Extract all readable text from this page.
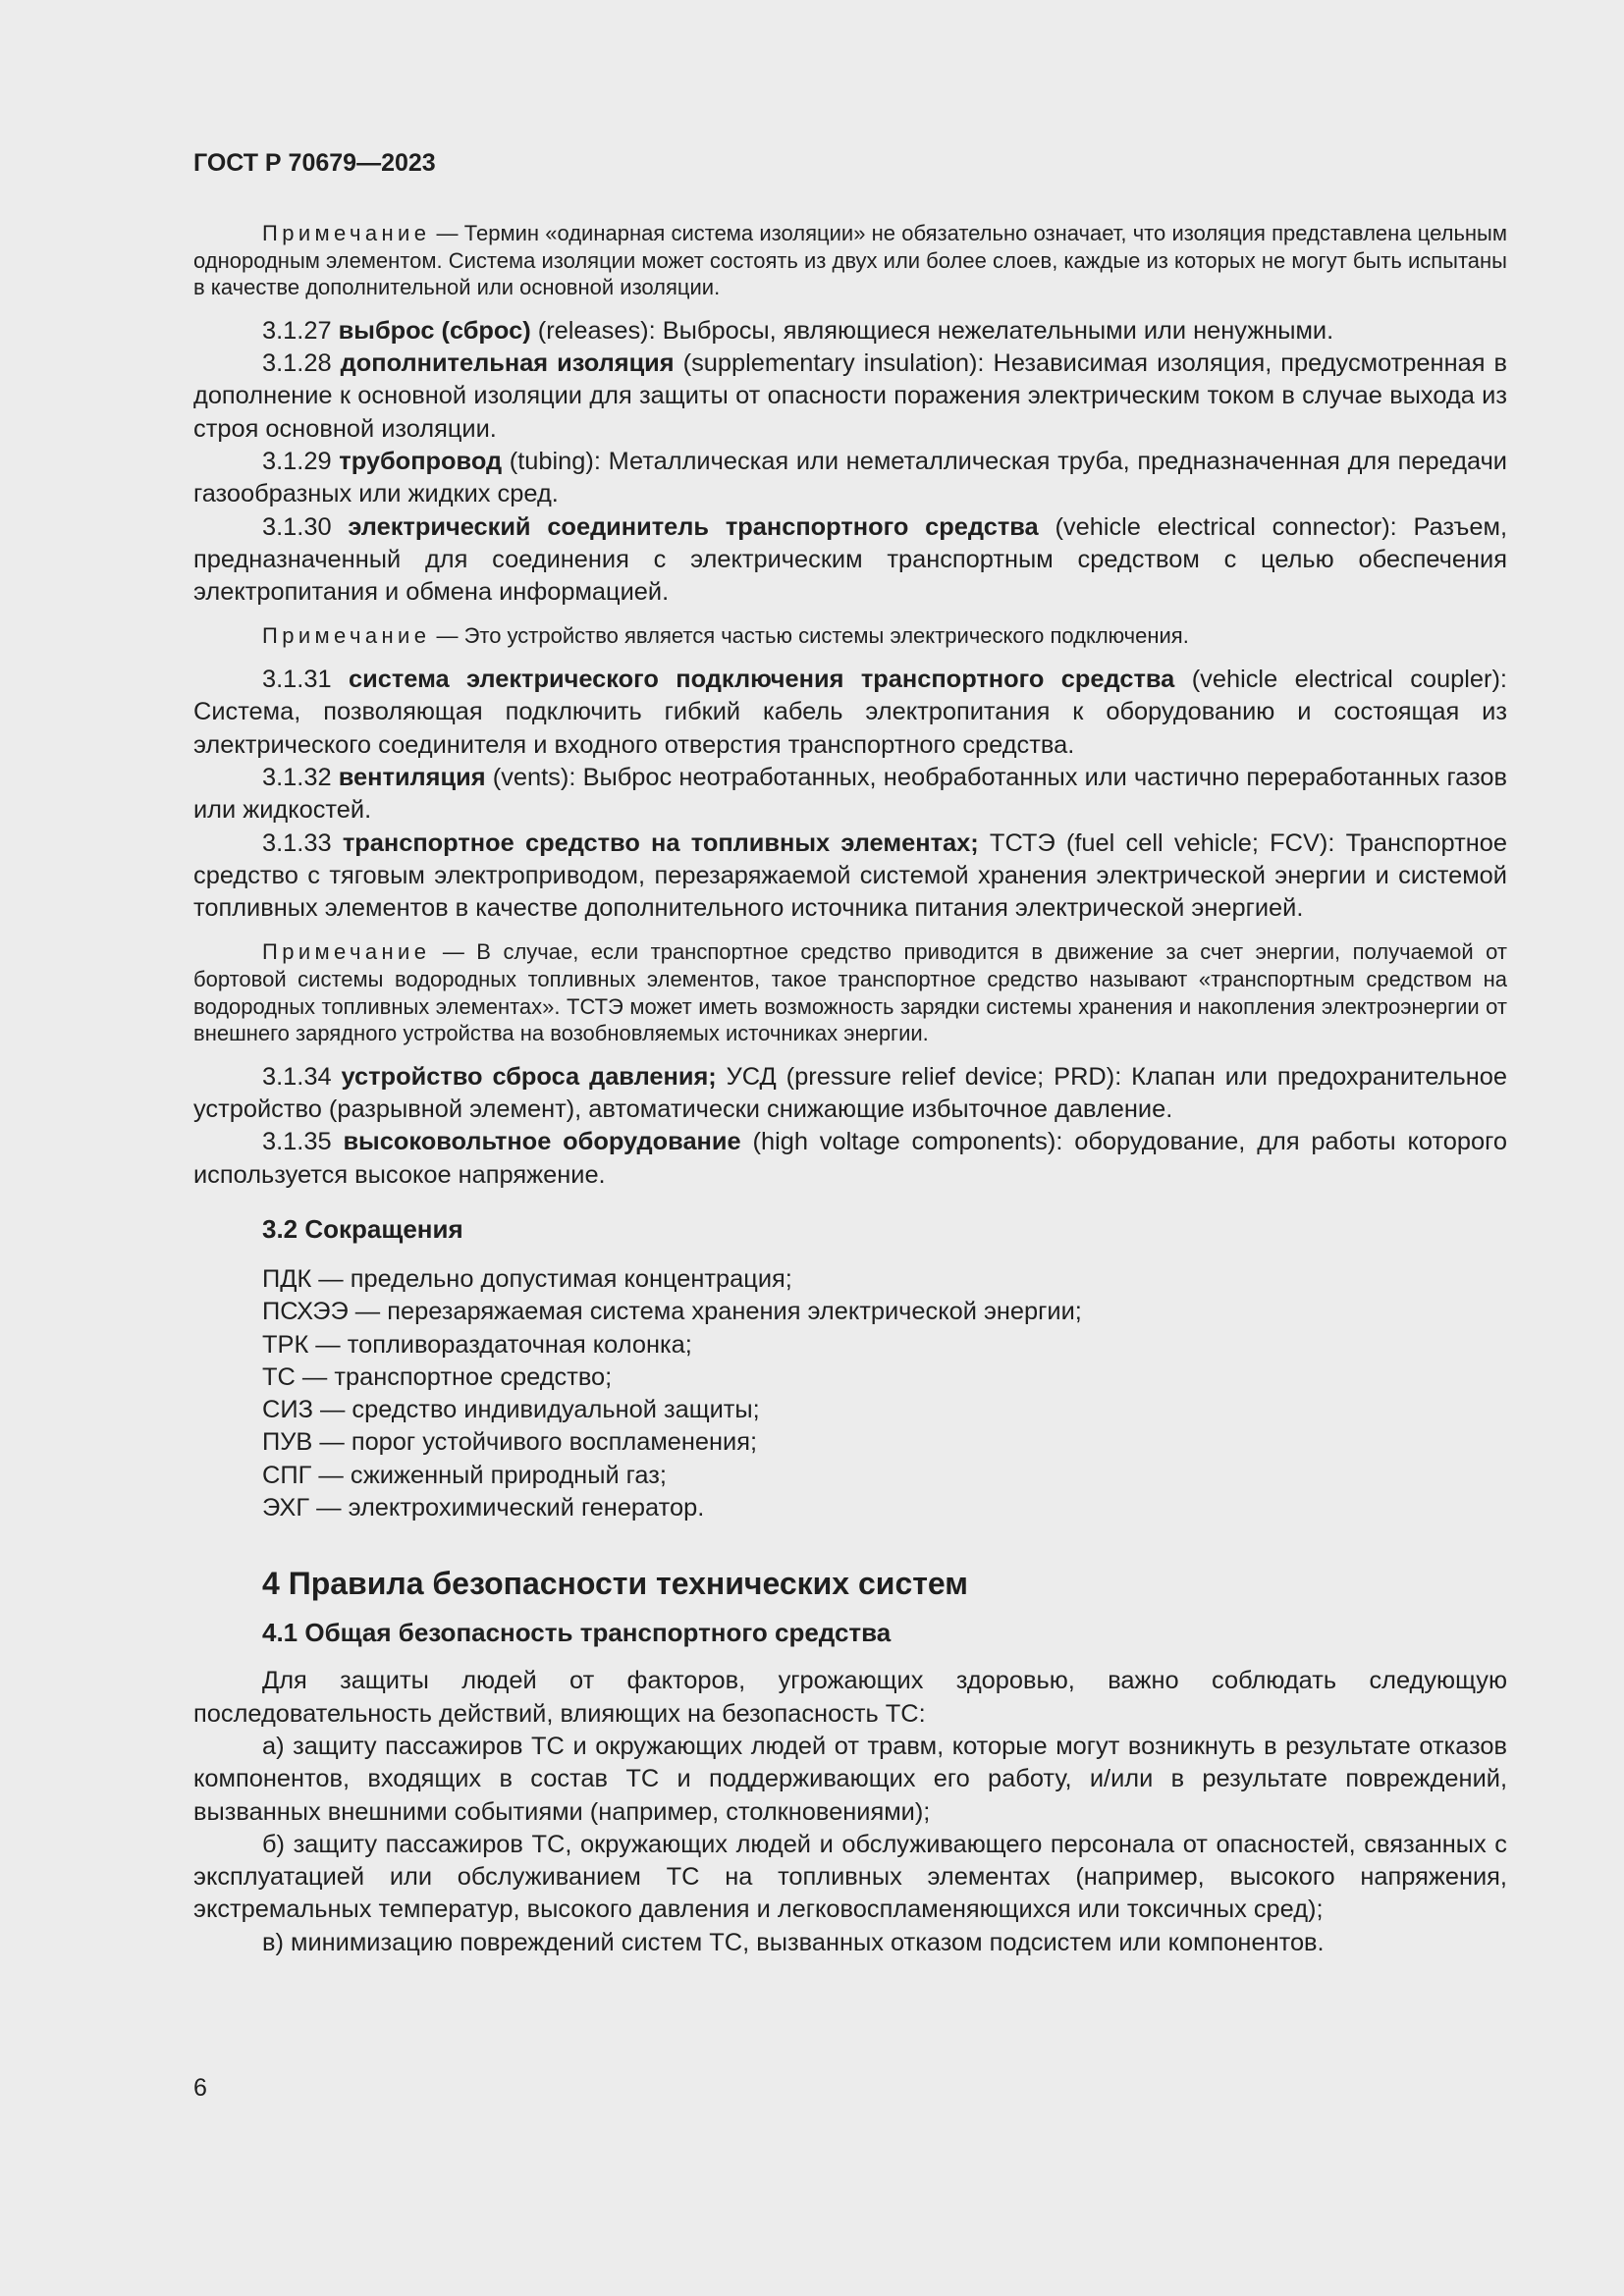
ГОСТ Р 70679—2023

Примечание — Термин «одинарная система изоляции» не обязательно означает, что изоляция представлена цельным однородным элементом. Система изоляции может состоять из двух или более слоев, каждые из которых не могут быть испытаны в качестве дополнительной или основной изоляции.

3.1.27 выброс (сброс) (releases): Выбросы, являющиеся нежелательными или ненужными.

3.1.28 дополнительная изоляция (supplementary insulation): Независимая изоляция, предусмотренная в дополнение к основной изоляции для защиты от опасности поражения электрическим током в случае выхода из строя основной изоляции.

3.1.29 трубопровод (tubing): Металлическая или неметаллическая труба, предназначенная для передачи газообразных или жидких сред.

3.1.30 электрический соединитель транспортного средства (vehicle electrical connector): Разъем, предназначенный для соединения с электрическим транспортным средством с целью обеспечения электропитания и обмена информацией.

Примечание — Это устройство является частью системы электрического подключения.

3.1.31 система электрического подключения транспортного средства (vehicle electrical coupler): Система, позволяющая подключить гибкий кабель электропитания к оборудованию и состоящая из электрического соединителя и входного отверстия транспортного средства.

3.1.32 вентиляция (vents): Выброс неотработанных, необработанных или частично переработанных газов или жидкостей.

3.1.33 транспортное средство на топливных элементах; ТСТЭ (fuel cell vehicle; FCV): Транспортное средство с тяговым электроприводом, перезаряжаемой системой хранения электрической энергии и системой топливных элементов в качестве дополнительного источника питания электрической энергией.

Примечание — В случае, если транспортное средство приводится в движение за счет энергии, получаемой от бортовой системы водородных топливных элементов, такое транспортное средство называют «транспортным средством на водородных топливных элементах». ТСТЭ может иметь возможность зарядки системы хранения и накопления электроэнергии от внешнего зарядного устройства на возобновляемых источниках энергии.

3.1.34 устройство сброса давления; УСД (pressure relief device; PRD): Клапан или предохранительное устройство (разрывной элемент), автоматически снижающие избыточное давление.

3.1.35 высоковольтное оборудование (high voltage components): оборудование, для работы которого используется высокое напряжение.

3.2 Сокращения
ПДК — предельно допустимая концентрация;
ПСХЭЭ — перезаряжаемая система хранения электрической энергии;
ТРК — топливораздаточная колонка;
ТС — транспортное средство;
СИЗ — средство индивидуальной защиты;
ПУВ — порог устойчивого воспламенения;
СПГ — сжиженный природный газ;
ЭХГ — электрохимический генератор.
4 Правила безопасности технических систем
4.1 Общая безопасность транспортного средства

Для защиты людей от факторов, угрожающих здоровью, важно соблюдать следующую последовательность действий, влияющих на безопасность ТС:

а) защиту пассажиров ТС и окружающих людей от травм, которые могут возникнуть в результате отказов компонентов, входящих в состав ТС и поддерживающих его работу, и/или в результате повреждений, вызванных внешними событиями (например, столкновениями);

б) защиту пассажиров ТС, окружающих людей и обслуживающего персонала от опасностей, связанных с эксплуатацией или обслуживанием ТС на топливных элементах (например, высокого напряжения, экстремальных температур, высокого давления и легковоспламеняющихся или токсичных сред);

в) минимизацию повреждений систем ТС, вызванных отказом подсистем или компонентов.

6
